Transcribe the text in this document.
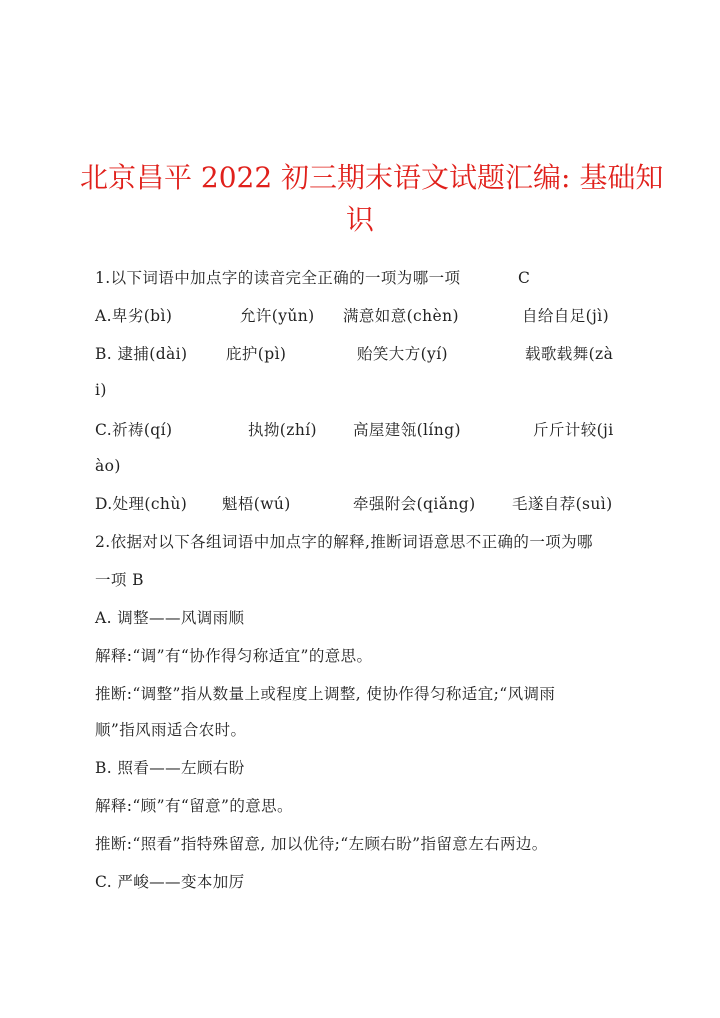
北京昌平 2022 初三期末语文试题汇编: 基础知
识
1.以下词语中加点字的读音完全正确的一项为哪一项	C
A.卑劣(bì)	允许(yǔn) 满意如意(chèn)	自给自足(jì)
B. 逮捕(dài) 庇护(pì)	贻笑大方(yí)	载歌载舞(zà
i)
C.祈祷(qí)	执拗(zhí) 高屋建瓴(líng)	斤斤计较(ji
ào)
D.处理(chù) 魁梧(wú)	牵强附会(qiǎng) 毛遂自荐(suì)
2.依据对以下各组词语中加点字的解释,推断词语意思不正确的一项为哪
一项 B
A. 调整——风调雨顺
解释:“调”有“协作得匀称适宜”的意思。
推断:“调整”指从数量上或程度上调整, 使协作得匀称适宜;“风调雨
顺”指风雨适合农时。
B. 照看——左顾右盼
解释:“顾”有“留意”的意思。
推断:“照看”指特殊留意, 加以优待;“左顾右盼”指留意左右两边。
C. 严峻——变本加厉
